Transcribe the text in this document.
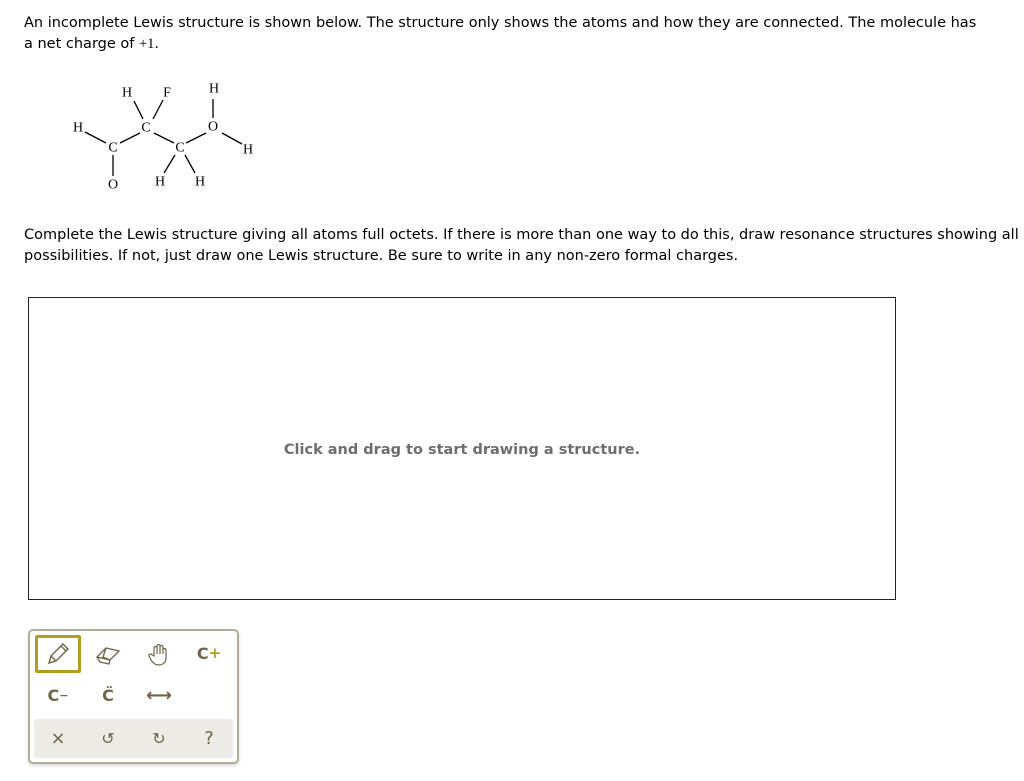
An incomplete Lewis structure is shown below. The structure only shows the atoms and how they are connected. The molecule has a net charge of +1.

H F	H
H	C	O
C	C	H
O	H H

Complete the Lewis structure giving all atoms full octets. If there is more than one way to do this, draw resonance structures showing all possibilities. If not, just draw one Lewis structure. Be sure to write in any non-zero formal charges.

Click and drag to start drawing a structure.
C +
C −	C̈	⟷
×	↺	↻	?
